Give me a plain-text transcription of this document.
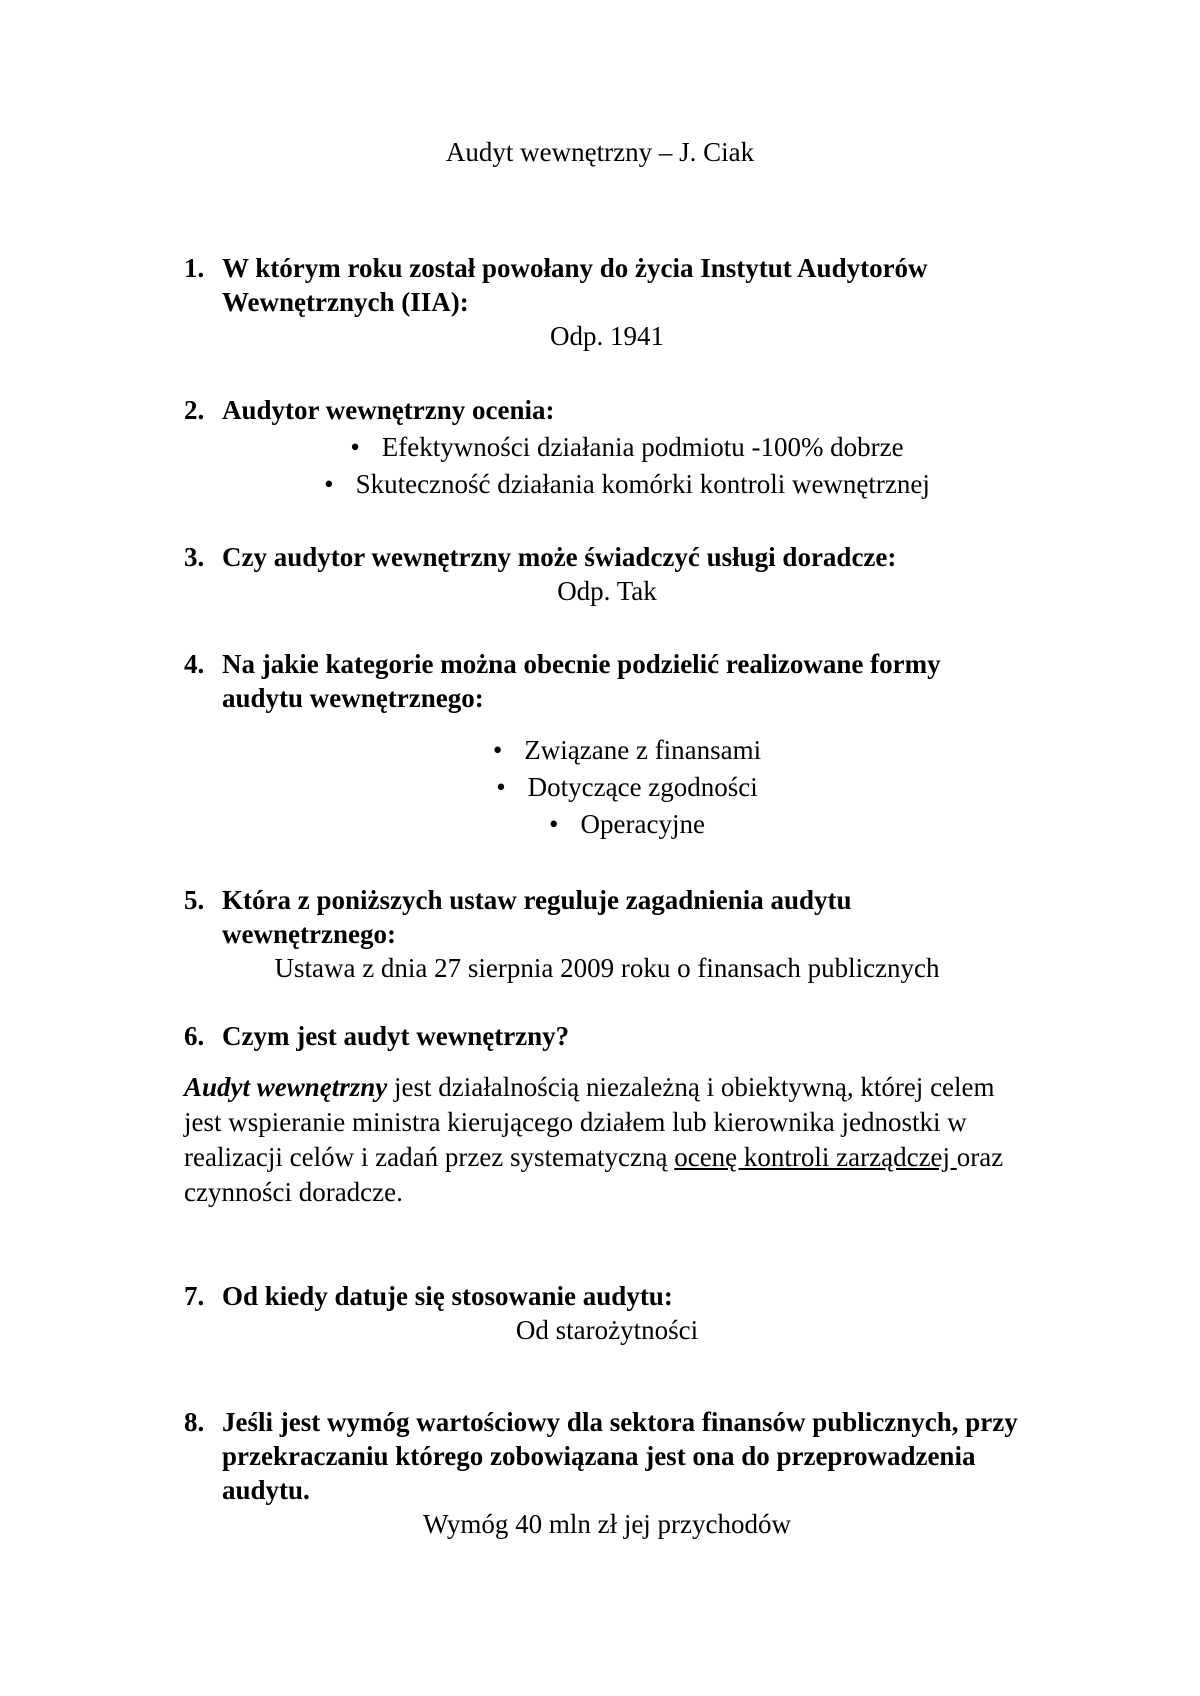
Audyt wewnętrzny – J. Ciak
1. W którym roku został powołany do życia Instytut Audytorów
Wewnętrznych (IIA):
Odp. 1941
2. Audytor wewnętrzny ocenia:
• Efektywności działania podmiotu -100% dobrze
• Skuteczność działania komórki kontroli wewnętrznej
3. Czy audytor wewnętrzny może świadczyć usługi doradcze:
Odp. Tak
4. Na jakie kategorie można obecnie podzielić realizowane formy
audytu wewnętrznego:
• Związane z finansami
• Dotyczące zgodności
• Operacyjne
5. Która z poniższych ustaw reguluje zagadnienia audytu
wewnętrznego:
Ustawa z dnia 27 sierpnia 2009 roku o finansach publicznych
6. Czym jest audyt wewnętrzny?
Audyt wewnętrzny jest działalnością niezależną i obiektywną, której celem
jest wspieranie ministra kierującego działem lub kierownika jednostki w
realizacji celów i zadań przez systematyczną ocenę kontroli zarządczej oraz
czynności doradcze.
7. Od kiedy datuje się stosowanie audytu:
Od starożytności
8. Jeśli jest wymóg wartościowy dla sektora finansów publicznych, przy
przekraczaniu którego zobowiązana jest ona do przeprowadzenia
audytu.
Wymóg 40 mln zł jej przychodów
